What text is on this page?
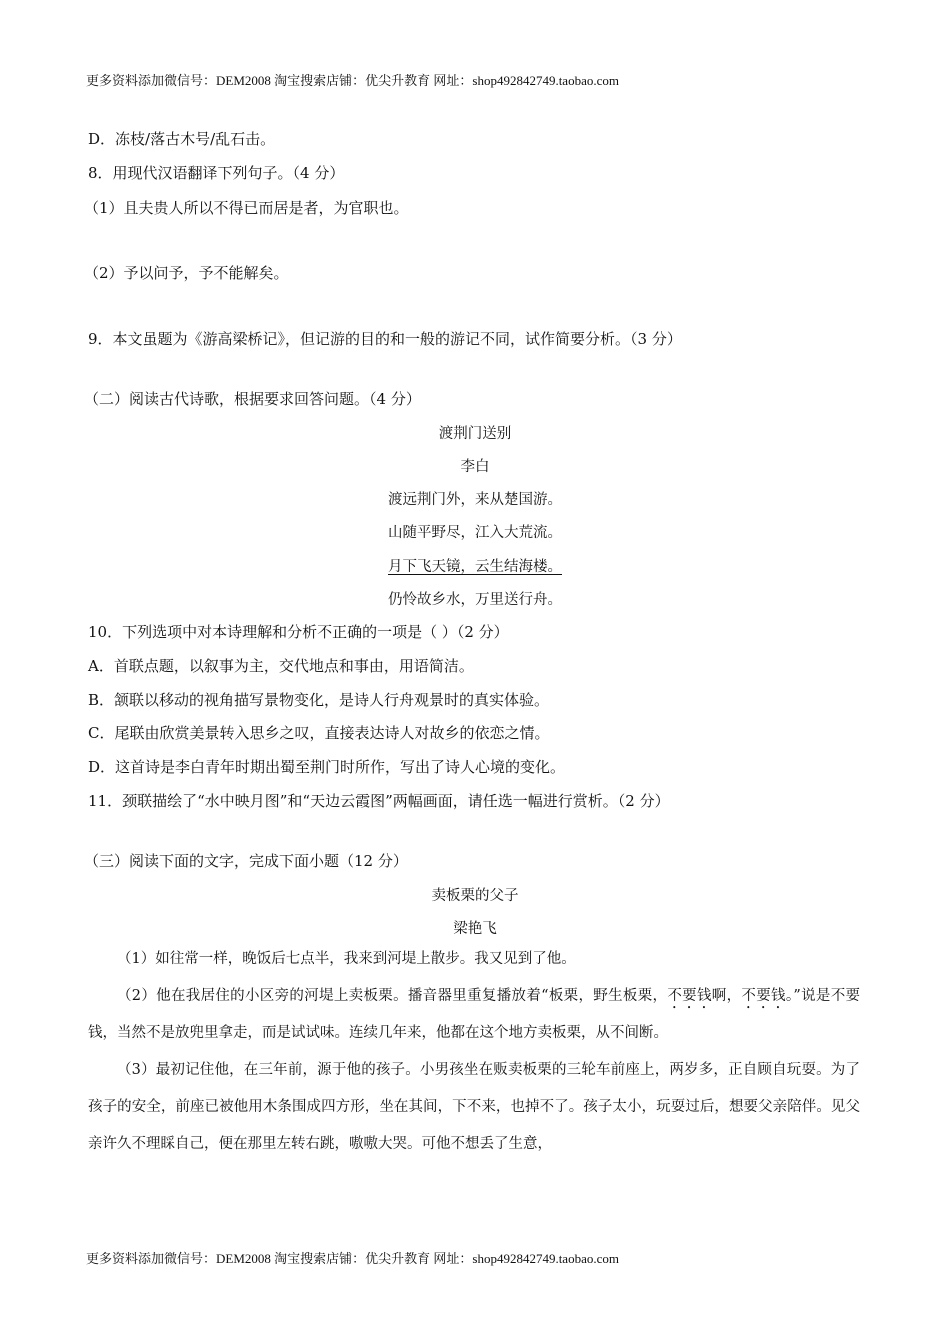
更多资料添加微信号：DEM2008 淘宝搜索店铺：优尖升教育 网址：shop492842749.taobao.com
D．冻枝/落古木号/乱石击。
8．用现代汉语翻译下列句子。（4 分）
（1）且夫贵人所以不得已而居是者，为官职也。
（2）予以问予，予不能解矣。
9．本文虽题为《游高梁桥记》，但记游的目的和一般的游记不同，试作简要分析。（3 分）
（二）阅读古代诗歌，根据要求回答问题。（4 分）
渡荆门送别
李白
渡远荆门外，来从楚国游。
山随平野尽，江入大荒流。
月下飞天镜，云生结海楼。
仍怜故乡水，万里送行舟。
10．下列选项中对本诗理解和分析不正确的一项是（ ）（2 分）
A．首联点题，以叙事为主，交代地点和事由，用语简洁。
B．颔联以移动的视角描写景物变化，是诗人行舟观景时的真实体验。
C．尾联由欣赏美景转入思乡之叹，直接表达诗人对故乡的依恋之情。
D．这首诗是李白青年时期出蜀至荆门时所作，写出了诗人心境的变化。
11．颈联描绘了“水中映月图”和“天边云霞图”两幅画面，请任选一幅进行赏析。（2 分）
（三）阅读下面的文字，完成下面小题（12 分）
卖板栗的父子
梁艳飞

（1）如往常一样，晚饭后七点半，我来到河堤上散步。我又见到了他。

（2）他在我居住的小区旁的河堤上卖板栗。播音器里重复播放着“板栗，野生板栗，不要钱啊，不要钱。”说是不要钱，当然不是放兜里拿走，而是试试味。连续几年来，他都在这个地方卖板栗，从不间断。

（3）最初记住他，在三年前，源于他的孩子。小男孩坐在贩卖板栗的三轮车前座上，两岁多，正自顾自玩耍。为了孩子的安全，前座已被他用木条围成四方形，坐在其间，下不来，也掉不了。孩子太小，玩耍过后，想要父亲陪伴。见父亲许久不理睬自己，便在那里左转右跳，嗷嗷大哭。可他不想丢了生意，

更多资料添加微信号：DEM2008 淘宝搜索店铺：优尖升教育 网址：shop492842749.taobao.com
